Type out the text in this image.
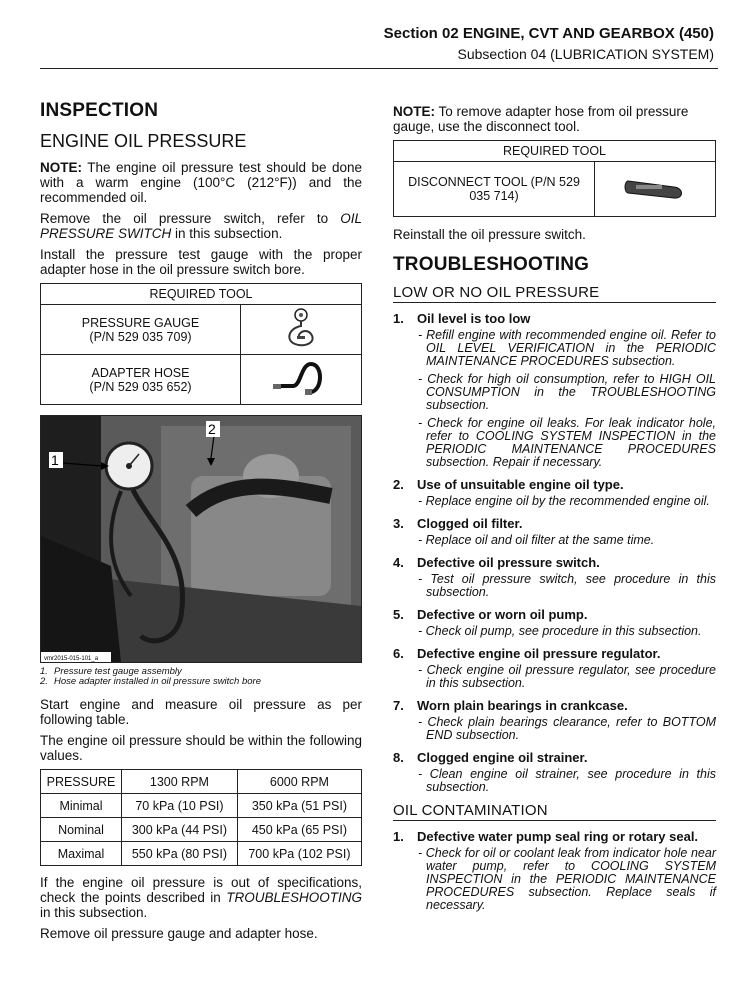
Section 02 ENGINE, CVT AND GEARBOX (450)
Subsection 04 (LUBRICATION SYSTEM)
INSPECTION
ENGINE OIL PRESSURE

NOTE: The engine oil pressure test should be done with a warm engine (100°C (212°F)) and the recommended oil.

Remove the oil pressure switch, refer to OIL PRESSURE SWITCH in this subsection.

Install the pressure test gauge with the proper adapter hose in the oil pressure switch bore.

REQUIRED TOOL	
PRESSURE GAUGE
(P/N 529 035 709)	
ADAPTER HOSE
(P/N 529 035 652)	
1
2
vmr2015-015-101_a
1. Pressure test gauge assembly
2. Hose adapter installed in oil pressure switch bore

Start engine and measure oil pressure as per following table.

The engine oil pressure should be within the following values.

PRESSURE	1300 RPM	6000 RPM
Minimal	70 kPa (10 PSI)	350 kPa (51 PSI)
Nominal	300 kPa (44 PSI)	450 kPa (65 PSI)
Maximal	550 kPa (80 PSI)	700 kPa (102 PSI)

If the engine oil pressure is out of specifications, check the points described in TROUBLESHOOTING in this subsection.

Remove oil pressure gauge and adapter hose.

NOTE: To remove adapter hose from oil pressure gauge, use the disconnect tool.

REQUIRED TOOL
DISCONNECT TOOL (P/N 529 035 714)	

Reinstall the oil pressure switch.

TROUBLESHOOTING
LOW OR NO OIL PRESSURE
1. Oil level is too low
- Refill engine with recommended engine oil. Refer to OIL LEVEL VERIFICATION in the PERIODIC MAINTENANCE PROCEDURES subsection.
- Check for high oil consumption, refer to HIGH OIL CONSUMPTION in the TROUBLESHOOTING subsection.
- Check for engine oil leaks. For leak indicator hole, refer to COOLING SYSTEM INSPECTION in the PERIODIC MAINTENANCE PROCEDURES subsection. Repair if necessary.
2. Use of unsuitable engine oil type.
- Replace engine oil by the recommended engine oil.
3. Clogged oil filter.
- Replace oil and oil filter at the same time.
4. Defective oil pressure switch.
- Test oil pressure switch, see procedure in this subsection.
5. Defective or worn oil pump.
- Check oil pump, see procedure in this subsection.
6. Defective engine oil pressure regulator.
- Check engine oil pressure regulator, see procedure in this subsection.
7. Worn plain bearings in crankcase.
- Check plain bearings clearance, refer to BOTTOM END subsection.
8. Clogged engine oil strainer.
- Clean engine oil strainer, see procedure in this subsection.
OIL CONTAMINATION
1. Defective water pump seal ring or rotary seal.
- Check for oil or coolant leak from indicator hole near water pump, refer to COOLING SYSTEM INSPECTION in the PERIODIC MAINTENANCE PROCEDURES subsection. Replace seals if necessary.
